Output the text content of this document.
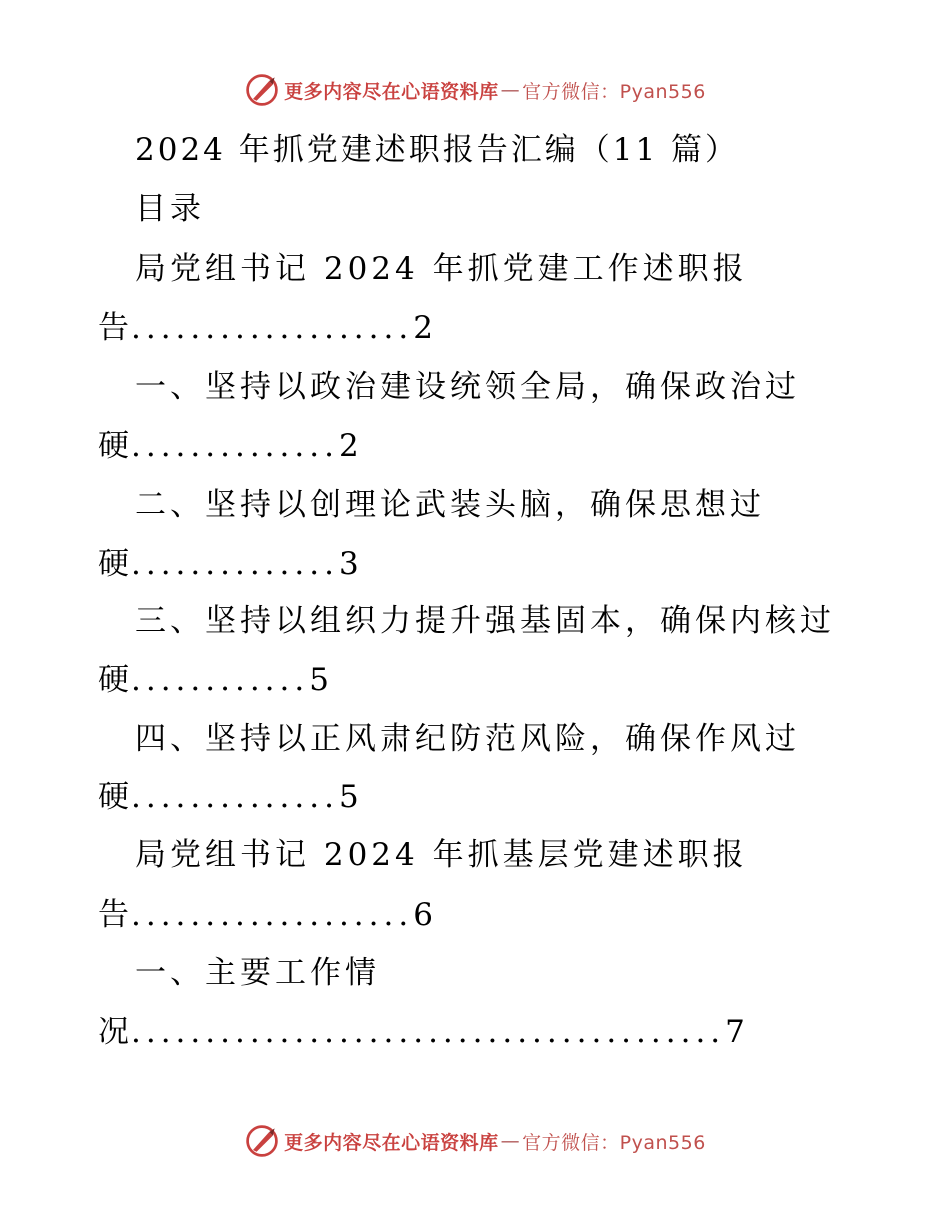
更多内容尽在心语资料库 — 官方微信：Pyan556
2024 年抓党建述职报告汇编（11 篇）
目录
局党组书记 2024 年抓党建工作述职报
告...................2
一、坚持以政治建设统领全局，确保政治过
硬..............2
二、坚持以创理论武装头脑，确保思想过
硬..............3
三、坚持以组织力提升强基固本，确保内核过
硬............5
四、坚持以正风肃纪防范风险，确保作风过
硬..............5
局党组书记 2024 年抓基层党建述职报
告...................6
一、主要工作情
况........................................7
更多内容尽在心语资料库 — 官方微信：Pyan556
